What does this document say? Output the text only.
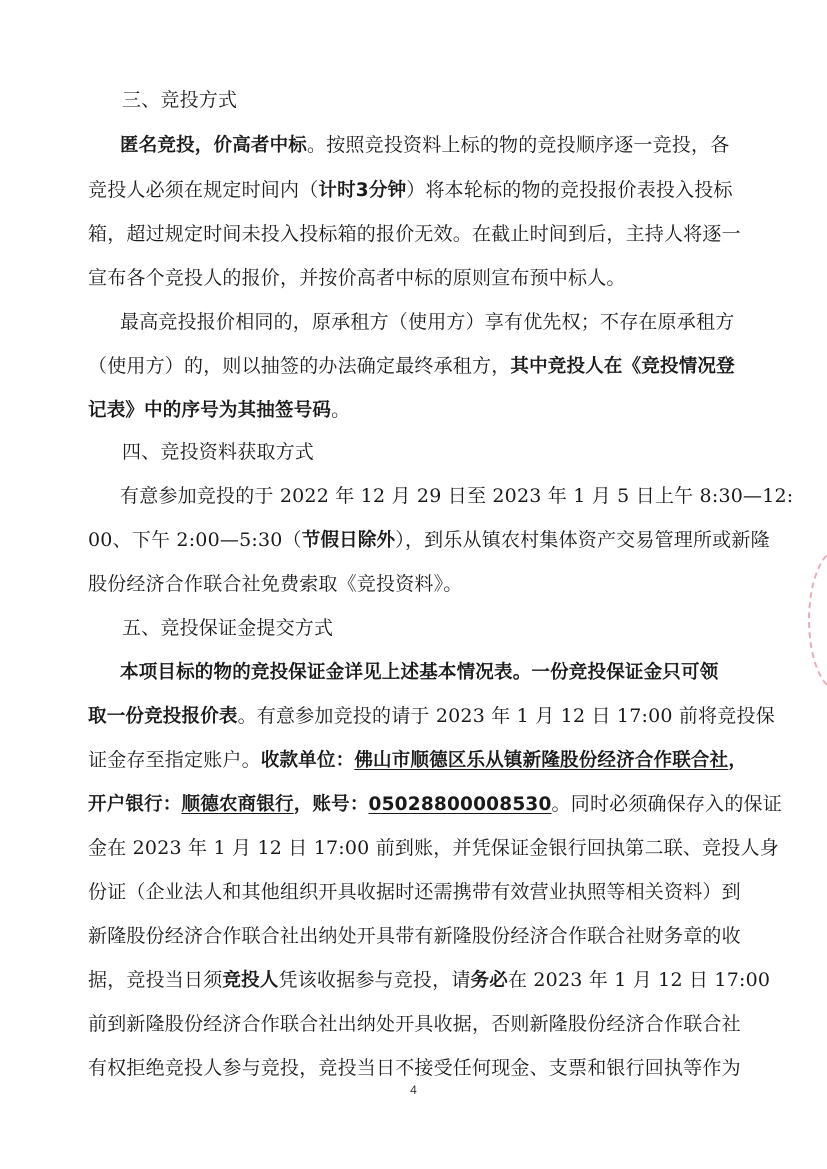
三、竞投方式
匿名竞投，价高者中标。按照竞投资料上标的物的竞投顺序逐一竞投，各
竞投人必须在规定时间内（计时3分钟）将本轮标的物的竞投报价表投入投标
箱，超过规定时间未投入投标箱的报价无效。在截止时间到后，主持人将逐一
宣布各个竞投人的报价，并按价高者中标的原则宣布预中标人。
最高竞投报价相同的，原承租方（使用方）享有优先权；不存在原承租方
（使用方）的，则以抽签的办法确定最终承租方，其中竞投人在《竞投情况登
记表》中的序号为其抽签号码。
四、竞投资料获取方式
有意参加竞投的于 2022 年 12 月 29 日至 2023 年 1 月 5 日上午 8:30—12:
00、下午 2:00—5:30（节假日除外），到乐从镇农村集体资产交易管理所或新隆
股份经济合作联合社免费索取《竞投资料》。
五、竞投保证金提交方式
本项目标的物的竞投保证金详见上述基本情况表。一份竞投保证金只可领
取一份竞投报价表。有意参加竞投的请于 2023 年 1 月 12 日 17:00 前将竞投保
证金存至指定账户。收款单位：佛山市顺德区乐从镇新隆股份经济合作联合社，
开户银行：顺德农商银行，账号：05028800008530。同时必须确保存入的保证
金在 2023 年 1 月 12 日 17:00 前到账，并凭保证金银行回执第二联、竞投人身
份证（企业法人和其他组织开具收据时还需携带有效营业执照等相关资料）到
新隆股份经济合作联合社出纳处开具带有新隆股份经济合作联合社财务章的收
据，竞投当日须竞投人凭该收据参与竞投，请务必在 2023 年 1 月 12 日 17:00
前到新隆股份经济合作联合社出纳处开具收据，否则新隆股份经济合作联合社
有权拒绝竞投人参与竞投，竞投当日不接受任何现金、支票和银行回执等作为
4
